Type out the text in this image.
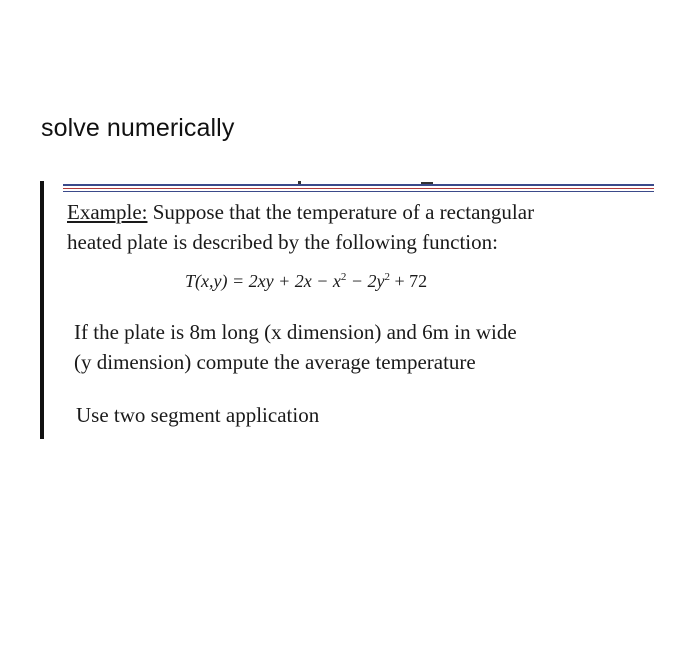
solve numerically
Example: Suppose that the temperature of a rectangular
heated plate is described by the following function:
$T(x,y) = 2xy + 2x - x^2 - 2y^2 + 72$
If the plate is 8m long (x dimension) and 6m in wide
(y dimension) compute the average temperature
Use two segment application
